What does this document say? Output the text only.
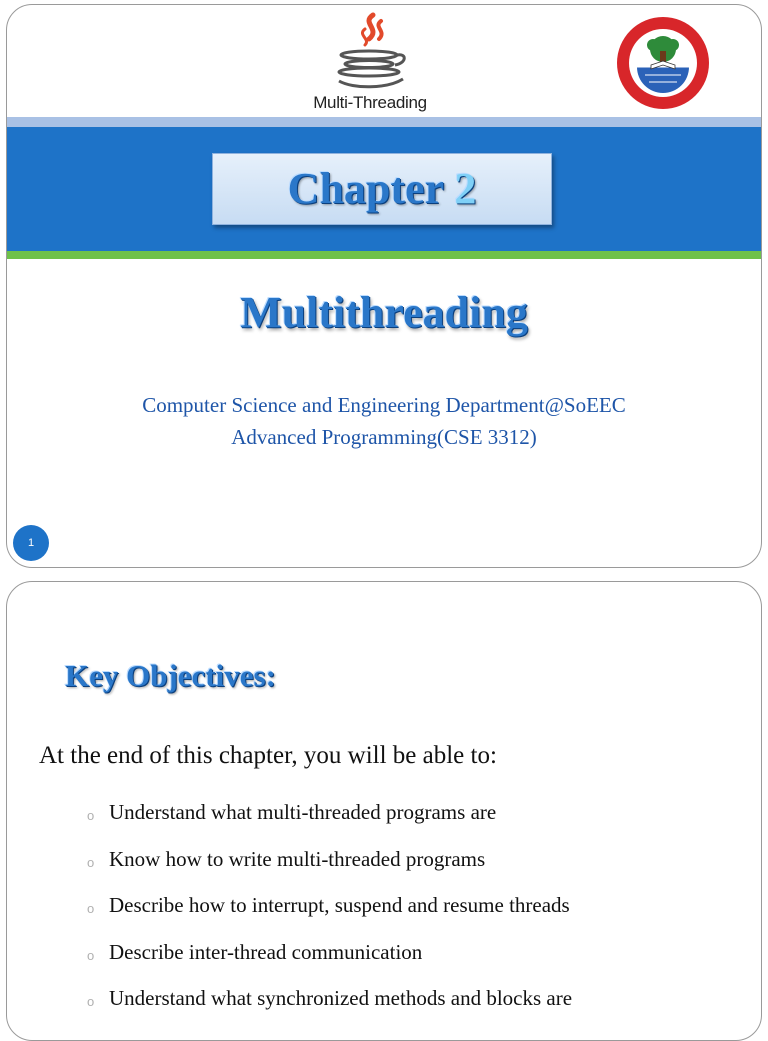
Multi-Threading
Chapter 2
Multithreading
Computer Science and Engineering Department@SoEEC
Advanced Programming(CSE 3312)
1
Key Objectives:
At the end of this chapter, you will be able to:
o Understand what multi-threaded programs are
o Know how to write multi-threaded programs
o Describe how to interrupt, suspend and resume threads
o Describe inter-thread communication
o Understand what synchronized methods and blocks are
